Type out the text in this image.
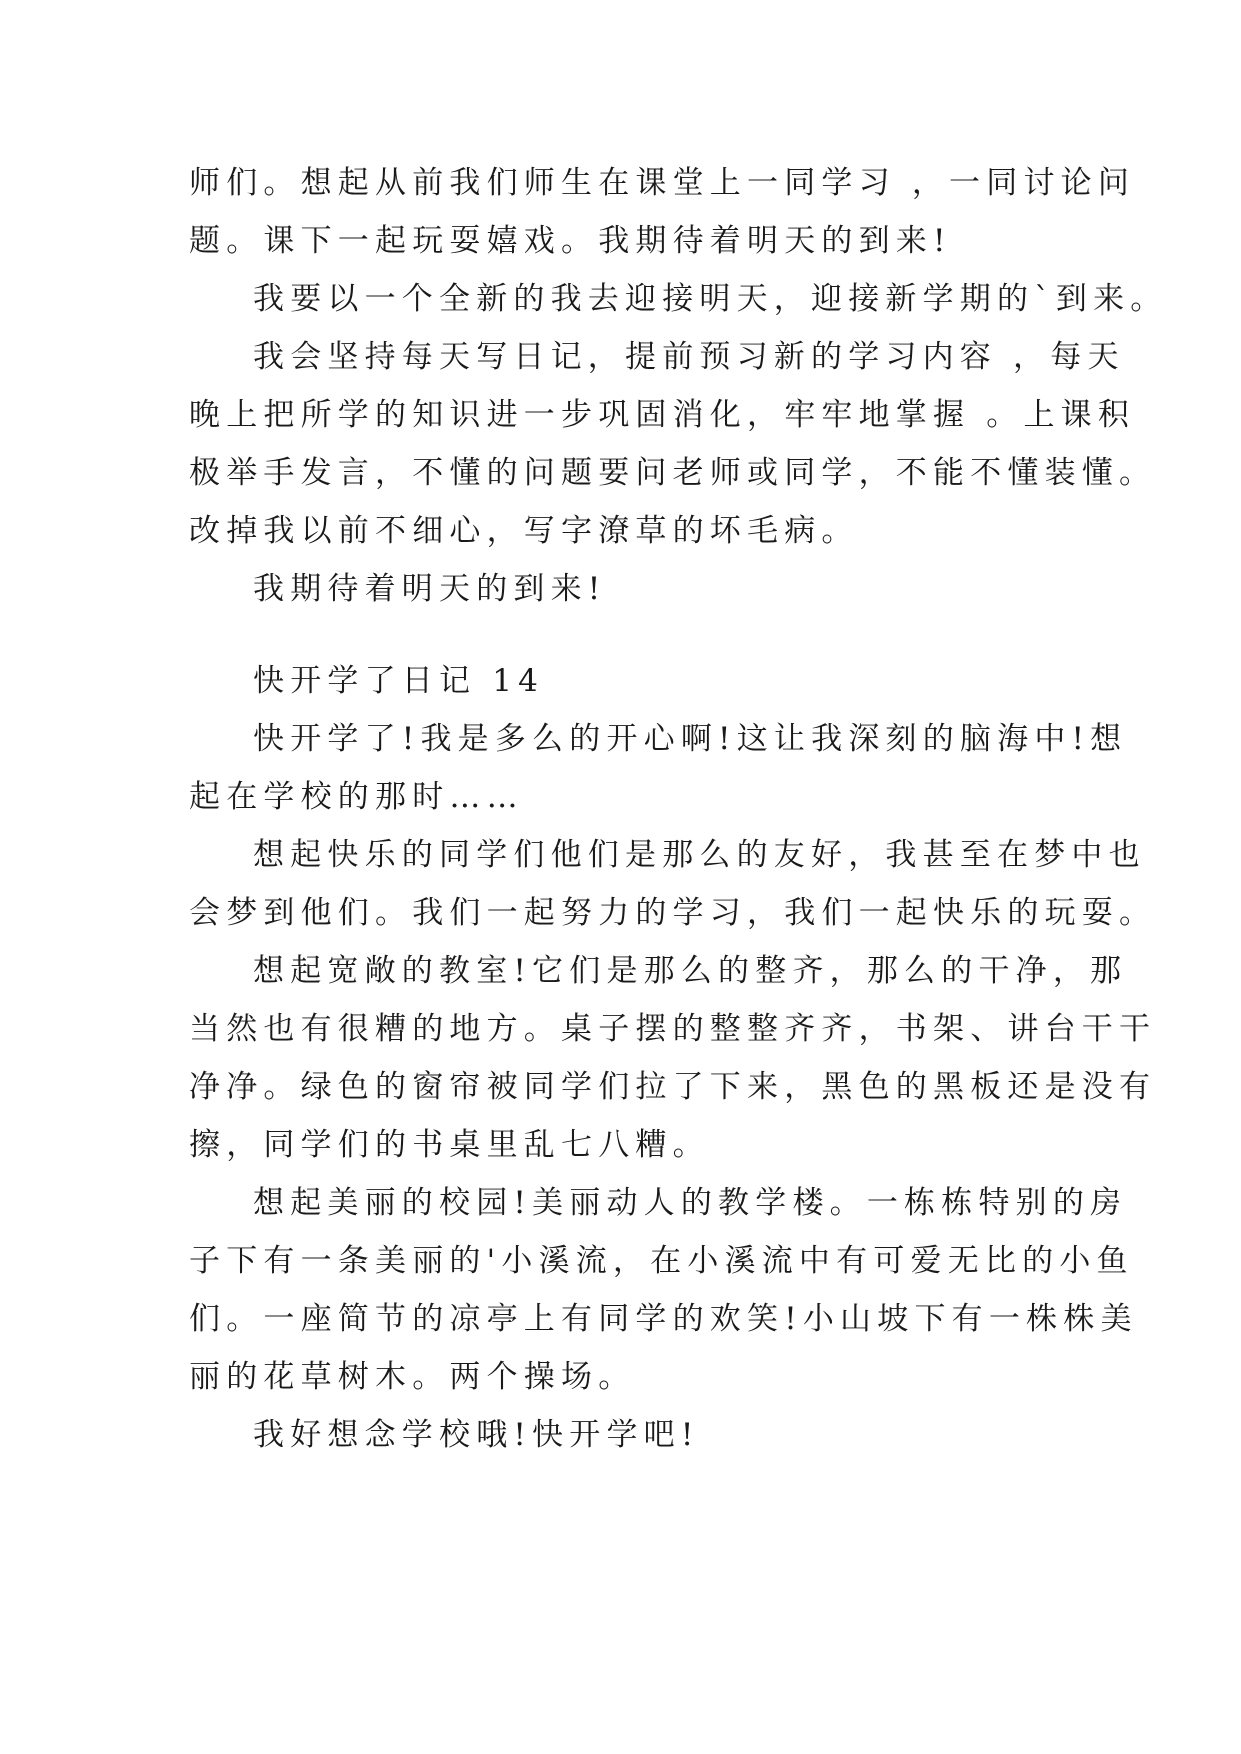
师们。想起从前我们师生在课堂上一同学习 ，一同讨论问
题。课下一起玩耍嬉戏。我期待着明天的到来!
我要以一个全新的我去迎接明天，迎接新学期的`到来。
我会坚持每天写日记，提前预习新的学习内容 ，每天
晚上把所学的知识进一步巩固消化，牢牢地掌握 。上课积
极举手发言，不懂的问题要问老师或同学，不能不懂装懂。
改掉我以前不细心，写字潦草的坏毛病。
我期待着明天的到来!
快开学了日记 14
快开学了!我是多么的开心啊!这让我深刻的脑海中!想
起在学校的那时……
想起快乐的同学们他们是那么的友好，我甚至在梦中也
会梦到他们。我们一起努力的学习，我们一起快乐的玩耍。
想起宽敞的教室!它们是那么的整齐，那么的干净，那
当然也有很糟的地方。桌子摆的整整齐齐，书架、讲台干干
净净。绿色的窗帘被同学们拉了下来，黑色的黑板还是没有
擦，同学们的书桌里乱七八糟。
想起美丽的校园!美丽动人的教学楼。一栋栋特别的房
子下有一条美丽的'小溪流，在小溪流中有可爱无比的小鱼
们。一座简节的凉亭上有同学的欢笑!小山坡下有一株株美
丽的花草树木。两个操场。
我好想念学校哦!快开学吧!
